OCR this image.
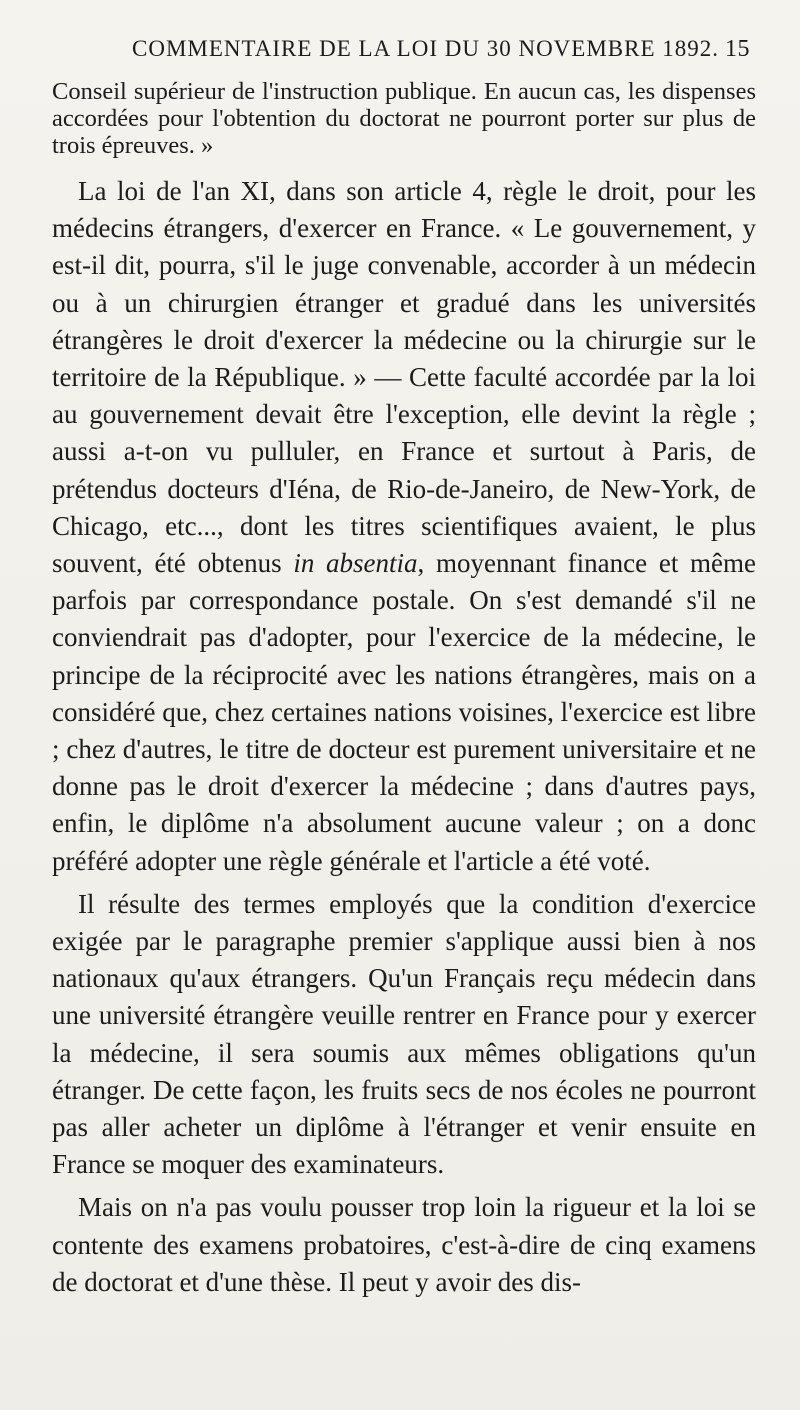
COMMENTAIRE DE LA LOI DU 30 NOVEMBRE 1892. 15

Conseil supérieur de l'instruction publique. En aucun cas, les dispenses accordées pour l'obtention du doctorat ne pourront porter sur plus de trois épreuves. »

La loi de l'an XI, dans son article 4, règle le droit, pour les médecins étrangers, d'exercer en France. « Le gouvernement, y est-il dit, pourra, s'il le juge convenable, accorder à un médecin ou à un chirurgien étranger et gradué dans les universités étrangères le droit d'exercer la médecine ou la chirurgie sur le territoire de la République. » — Cette faculté accordée par la loi au gouvernement devait être l'exception, elle devint la règle ; aussi a-t-on vu pulluler, en France et surtout à Paris, de prétendus docteurs d'Iéna, de Rio-de-Janeiro, de New-York, de Chicago, etc..., dont les titres scientifiques avaient, le plus souvent, été obtenus in absentia, moyennant finance et même parfois par correspondance postale. On s'est demandé s'il ne conviendrait pas d'adopter, pour l'exercice de la médecine, le principe de la réciprocité avec les nations étrangères, mais on a considéré que, chez certaines nations voisines, l'exercice est libre ; chez d'autres, le titre de docteur est purement universitaire et ne donne pas le droit d'exercer la médecine ; dans d'autres pays, enfin, le diplôme n'a absolument aucune valeur ; on a donc préféré adopter une règle générale et l'article a été voté.

Il résulte des termes employés que la condition d'exercice exigée par le paragraphe premier s'applique aussi bien à nos nationaux qu'aux étrangers. Qu'un Français reçu médecin dans une université étrangère veuille rentrer en France pour y exercer la médecine, il sera soumis aux mêmes obligations qu'un étranger. De cette façon, les fruits secs de nos écoles ne pourront pas aller acheter un diplôme à l'étranger et venir ensuite en France se moquer des examinateurs.

Mais on n'a pas voulu pousser trop loin la rigueur et la loi se contente des examens probatoires, c'est-à-dire de cinq examens de doctorat et d'une thèse. Il peut y avoir des dis-
